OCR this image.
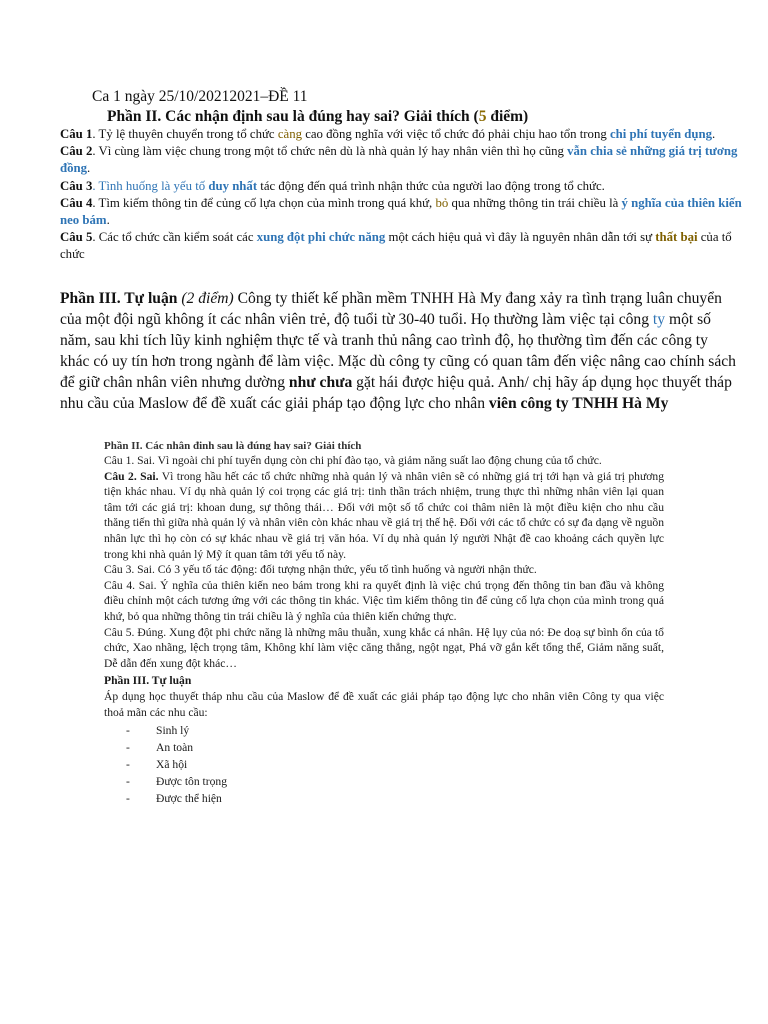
Ca 1 ngày 25/10/20212021–ĐỀ 11
Phần II. Các nhận định sau là đúng hay sai? Giải thích (5 điểm)

Câu 1. Tỷ lệ thuyên chuyển trong tổ chức càng cao đồng nghĩa với việc tổ chức đó phải chịu hao tổn trong chi phí tuyển dụng.

Câu 2. Vì cùng làm việc chung trong một tổ chức nên dù là nhà quản lý hay nhân viên thì họ cũng vẫn chia sẻ những giá trị tương đồng.

Câu 3. Tình huống là yếu tố duy nhất tác động đến quá trình nhận thức của người lao động trong tổ chức.

Câu 4. Tìm kiếm thông tin để củng cố lựa chọn của mình trong quá khứ, bỏ qua những thông tin trái chiều là ý nghĩa của thiên kiến neo bám.

Câu 5. Các tổ chức cần kiểm soát các xung đột phi chức năng một cách hiệu quả vì đây là nguyên nhân dẫn tới sự thất bại của tổ chức

Phần III. Tự luận (2 điểm) Công ty thiết kế phần mềm TNHH Hà My đang xảy ra tình trạng luân chuyển của một đội ngũ không ít các nhân viên trẻ, độ tuổi từ 30-40 tuổi. Họ thường làm việc tại công ty một số năm, sau khi tích lũy kinh nghiệm thực tế và tranh thủ nâng cao trình độ, họ thường tìm đến các công ty khác có uy tín hơn trong ngành để làm việc. Mặc dù công ty cũng có quan tâm đến việc nâng cao chính sách để giữ chân nhân viên nhưng dường như chưa gặt hái được hiệu quả. Anh/ chị hãy áp dụng học thuyết tháp nhu cầu của Maslow để đề xuất các giải pháp tạo động lực cho nhân viên công ty TNHH Hà My
Phần II. Các nhận định sau là đúng hay sai? Giải thích

Câu 1. Sai. Vì ngoài chi phí tuyển dụng còn chi phí đào tạo, và giảm năng suất lao động chung của tổ chức.

Câu 2. Sai. Vì trong hầu hết các tổ chức những nhà quản lý và nhân viên sẽ có những giá trị tới hạn và giá trị phương tiện khác nhau. Ví dụ nhà quản lý coi trọng các giá trị: tinh thần trách nhiệm, trung thực thì những nhân viên lại quan tâm tới các giá trị: khoan dung, sự thông thái… Đối với một số tổ chức coi thâm niên là một điều kiện cho nhu cầu thăng tiến thì giữa nhà quản lý và nhân viên còn khác nhau về giá trị thế hệ. Đối với các tổ chức có sự đa dạng về nguồn nhân lực thì họ còn có sự khác nhau về giá trị văn hóa. Ví dụ nhà quản lý người Nhật đề cao khoảng cách quyền lực trong khi nhà quản lý Mỹ ít quan tâm tới yếu tố này.

Câu 3. Sai. Có 3 yếu tố tác động: đối tượng nhận thức, yếu tố tình huống và người nhận thức.

Câu 4. Sai. Ý nghĩa của thiên kiến neo bám trong khi ra quyết định là việc chú trọng đến thông tin ban đầu và không điều chỉnh một cách tương ứng với các thông tin khác. Việc tìm kiếm thông tin để củng cố lựa chọn của mình trong quá khứ, bỏ qua những thông tin trái chiều là ý nghĩa của thiên kiến chứng thực.

Câu 5. Đúng. Xung đột phi chức năng là những mâu thuẫn, xung khắc cá nhân. Hệ lụy của nó: Đe doạ sự bình ổn của tổ chức, Xao nhãng, lệch trọng tâm, Không khí làm việc căng thẳng, ngột ngạt, Phá vỡ gắn kết tổng thể, Giảm năng suất, Dễ dẫn đến xung đột khác…

Phần III. Tự luận

Áp dụng học thuyết tháp nhu cầu của Maslow để đề xuất các giải pháp tạo động lực cho nhân viên Công ty qua việc thoả mãn các nhu cầu:

-	Sinh lý
-	An toàn
-	Xã hội
-	Được tôn trọng
-	Được thể hiện
